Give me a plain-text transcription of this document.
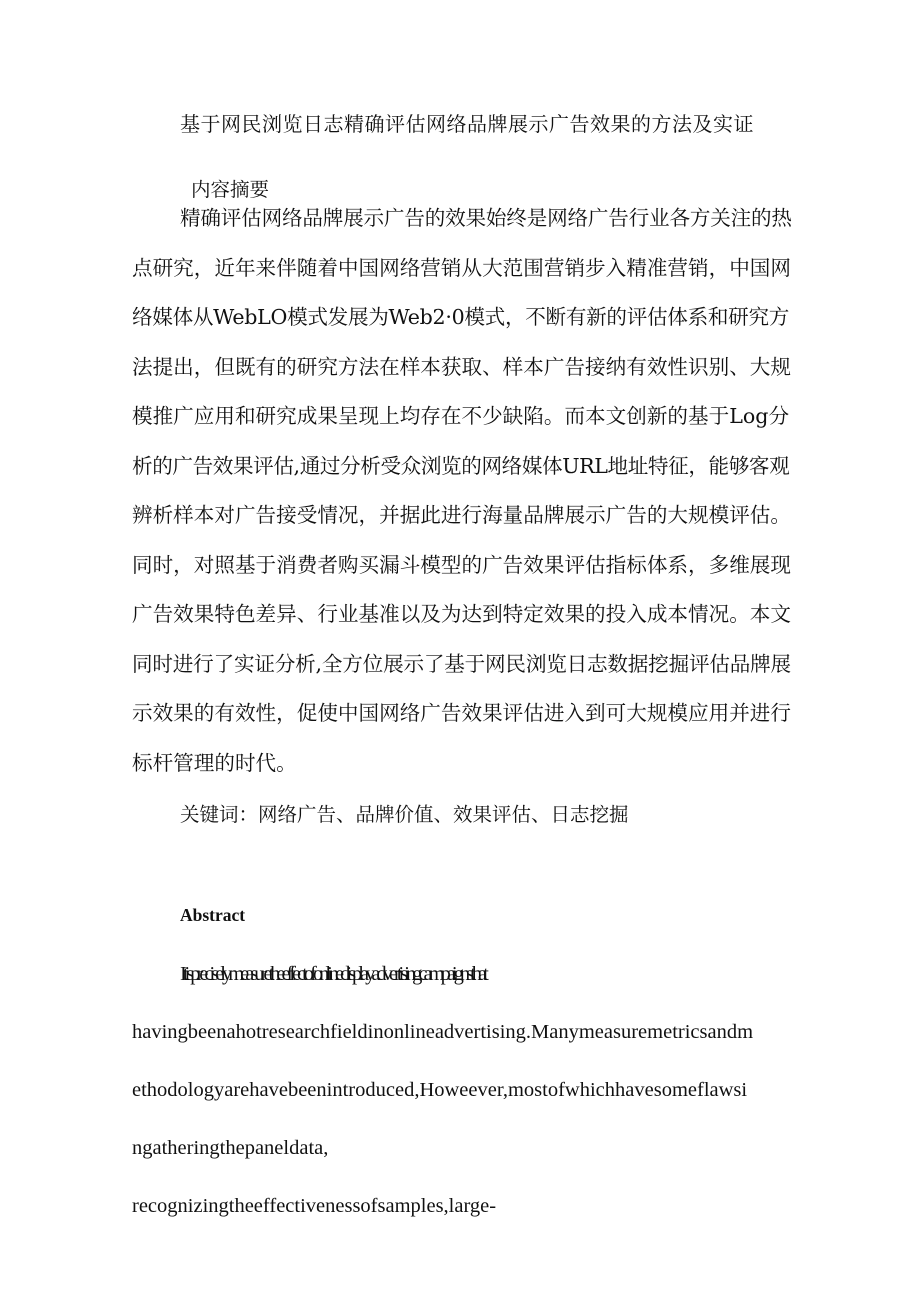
基于网民浏览日志精确评估网络品牌展示广告效果的方法及实证
内容摘要
精确评估网络品牌展示广告的效果始终是网络广告行业各方关注的热
点研究，近年来伴随着中国网络营销从大范围营销步入精准营销，中国网
络媒体从WebLO模式发展为Web2·0模式，不断有新的评估体系和研究方
法提出，但既有的研究方法在样本获取、样本广告接纳有效性识别、大规
模推广应用和研究成果呈现上均存在不少缺陷。而本文创新的基于Log分
析的广告效果评估,通过分析受众浏览的网络媒体URL地址特征，能够客观
辨析样本对广告接受情况，并据此进行海量品牌展示广告的大规模评估。
同时，对照基于消费者购买漏斗模型的广告效果评估指标体系，多维展现
广告效果特色差异、行业基准以及为达到特定效果的投入成本情况。本文
同时进行了实证分析,全方位展示了基于网民浏览日志数据挖掘评估品牌展
示效果的有效性，促使中国网络广告效果评估进入到可大规模应用并进行
标杆管理的时代。
关键词：网络广告、品牌价值、效果评估、日志挖掘
Abstract
Itispreciselymeasuretheeffectofonlinedisplayadvertisingcampaignsthat
havingbeenahotresearchfieldinonlineadvertising.Manymeasuremetricsandm
ethodologyarehavebeenintroduced,Howeever,mostofwhichhavesomeflawsi
ngatheringthepaneldata,
recognizingtheeffectivenessofsamples,large-
